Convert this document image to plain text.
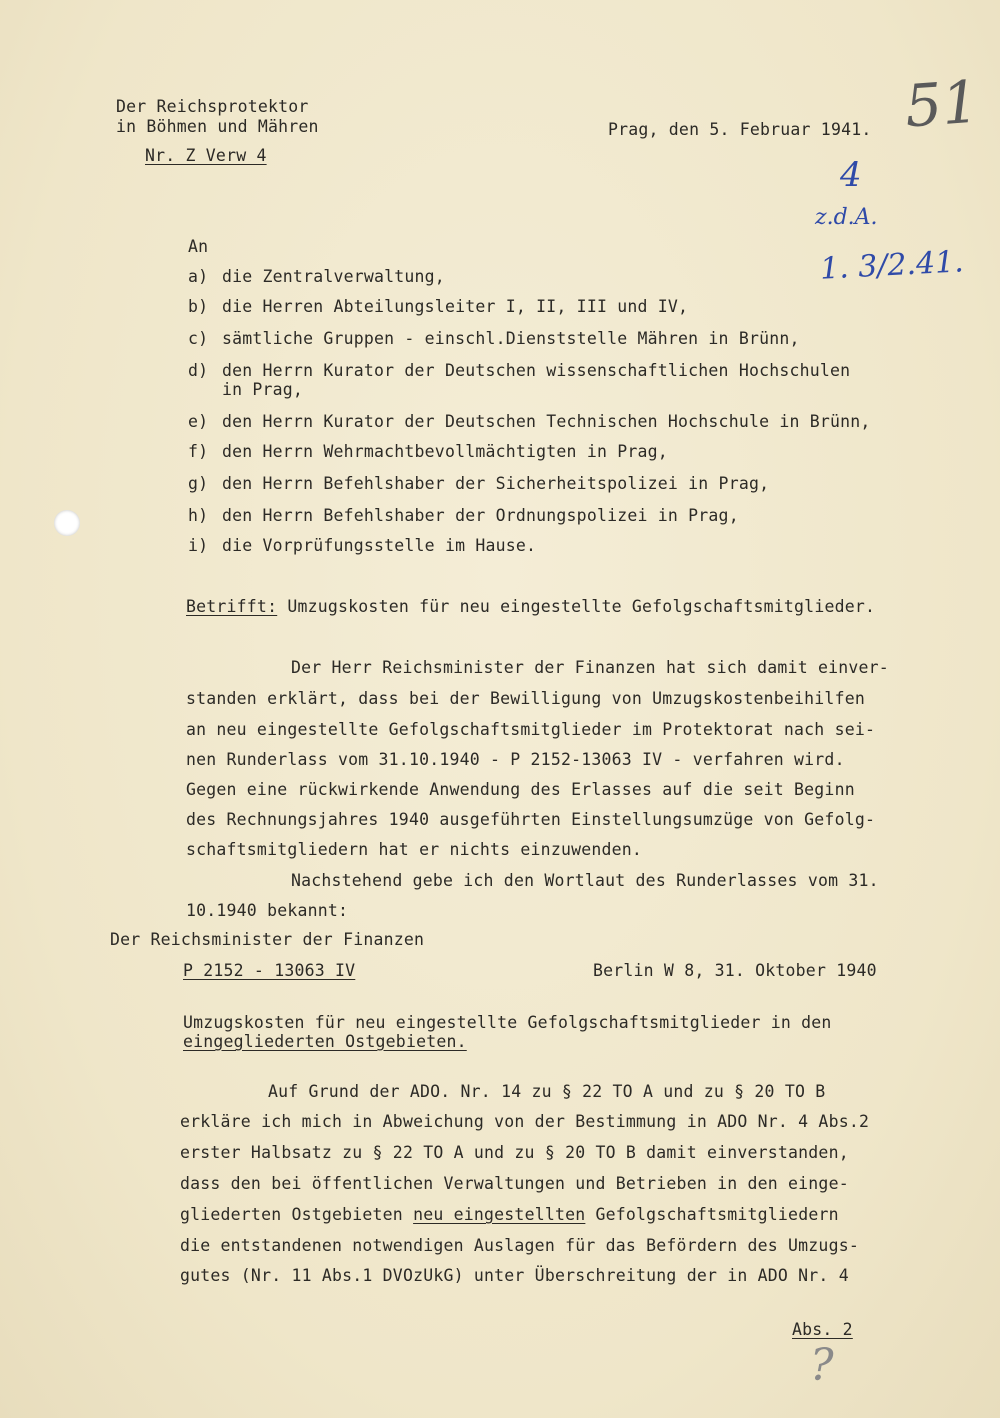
51
4
z.d.A.
1. 3/2.41.
?
Der Reichsprotektor
in Böhmen und Mähren	Prag, den 5. Februar 1941.
Nr. Z Verw 4
An
a) die Zentralverwaltung,
b) die Herren Abteilungsleiter I, II, III und IV,
c) sämtliche Gruppen - einschl.Dienststelle Mähren in Brünn,
d) den Herrn Kurator der Deutschen wissenschaftlichen Hochschulen
in Prag,
e) den Herrn Kurator der Deutschen Technischen Hochschule in Brünn,
f) den Herrn Wehrmachtbevollmächtigten in Prag,
g) den Herrn Befehlshaber der Sicherheitspolizei in Prag,
h) den Herrn Befehlshaber der Ordnungspolizei in Prag,
i) die Vorprüfungsstelle im Hause.
Betrifft: Umzugskosten für neu eingestellte Gefolgschaftsmitglieder.
Der Herr Reichsminister der Finanzen hat sich damit einver-
standen erklärt, dass bei der Bewilligung von Umzugskostenbeihilfen
an neu eingestellte Gefolgschaftsmitglieder im Protektorat nach sei-
nen Runderlass vom 31.10.1940 - P 2152-13063 IV - verfahren wird.
Gegen eine rückwirkende Anwendung des Erlasses auf die seit Beginn
des Rechnungsjahres 1940 ausgeführten Einstellungsumzüge von Gefolg-
schaftsmitgliedern hat er nichts einzuwenden.
Nachstehend gebe ich den Wortlaut des Runderlasses vom 31.
10.1940 bekannt:
Der Reichsminister der Finanzen
P 2152 - 13063 IV	Berlin W 8, 31. Oktober 1940
Umzugskosten für neu eingestellte Gefolgschaftsmitglieder in den
eingegliederten Ostgebieten.
Auf Grund der ADO. Nr. 14 zu § 22 TO A und zu § 20 TO B
erkläre ich mich in Abweichung von der Bestimmung in ADO Nr. 4 Abs.2
erster Halbsatz zu § 22 TO A und zu § 20 TO B damit einverstanden,
dass den bei öffentlichen Verwaltungen und Betrieben in den einge-
gliederten Ostgebieten neu eingestellten Gefolgschaftsmitgliedern
die entstandenen notwendigen Auslagen für das Befördern des Umzugs-
gutes (Nr. 11 Abs.1 DVOzUkG) unter Überschreitung der in ADO Nr. 4
Abs. 2
